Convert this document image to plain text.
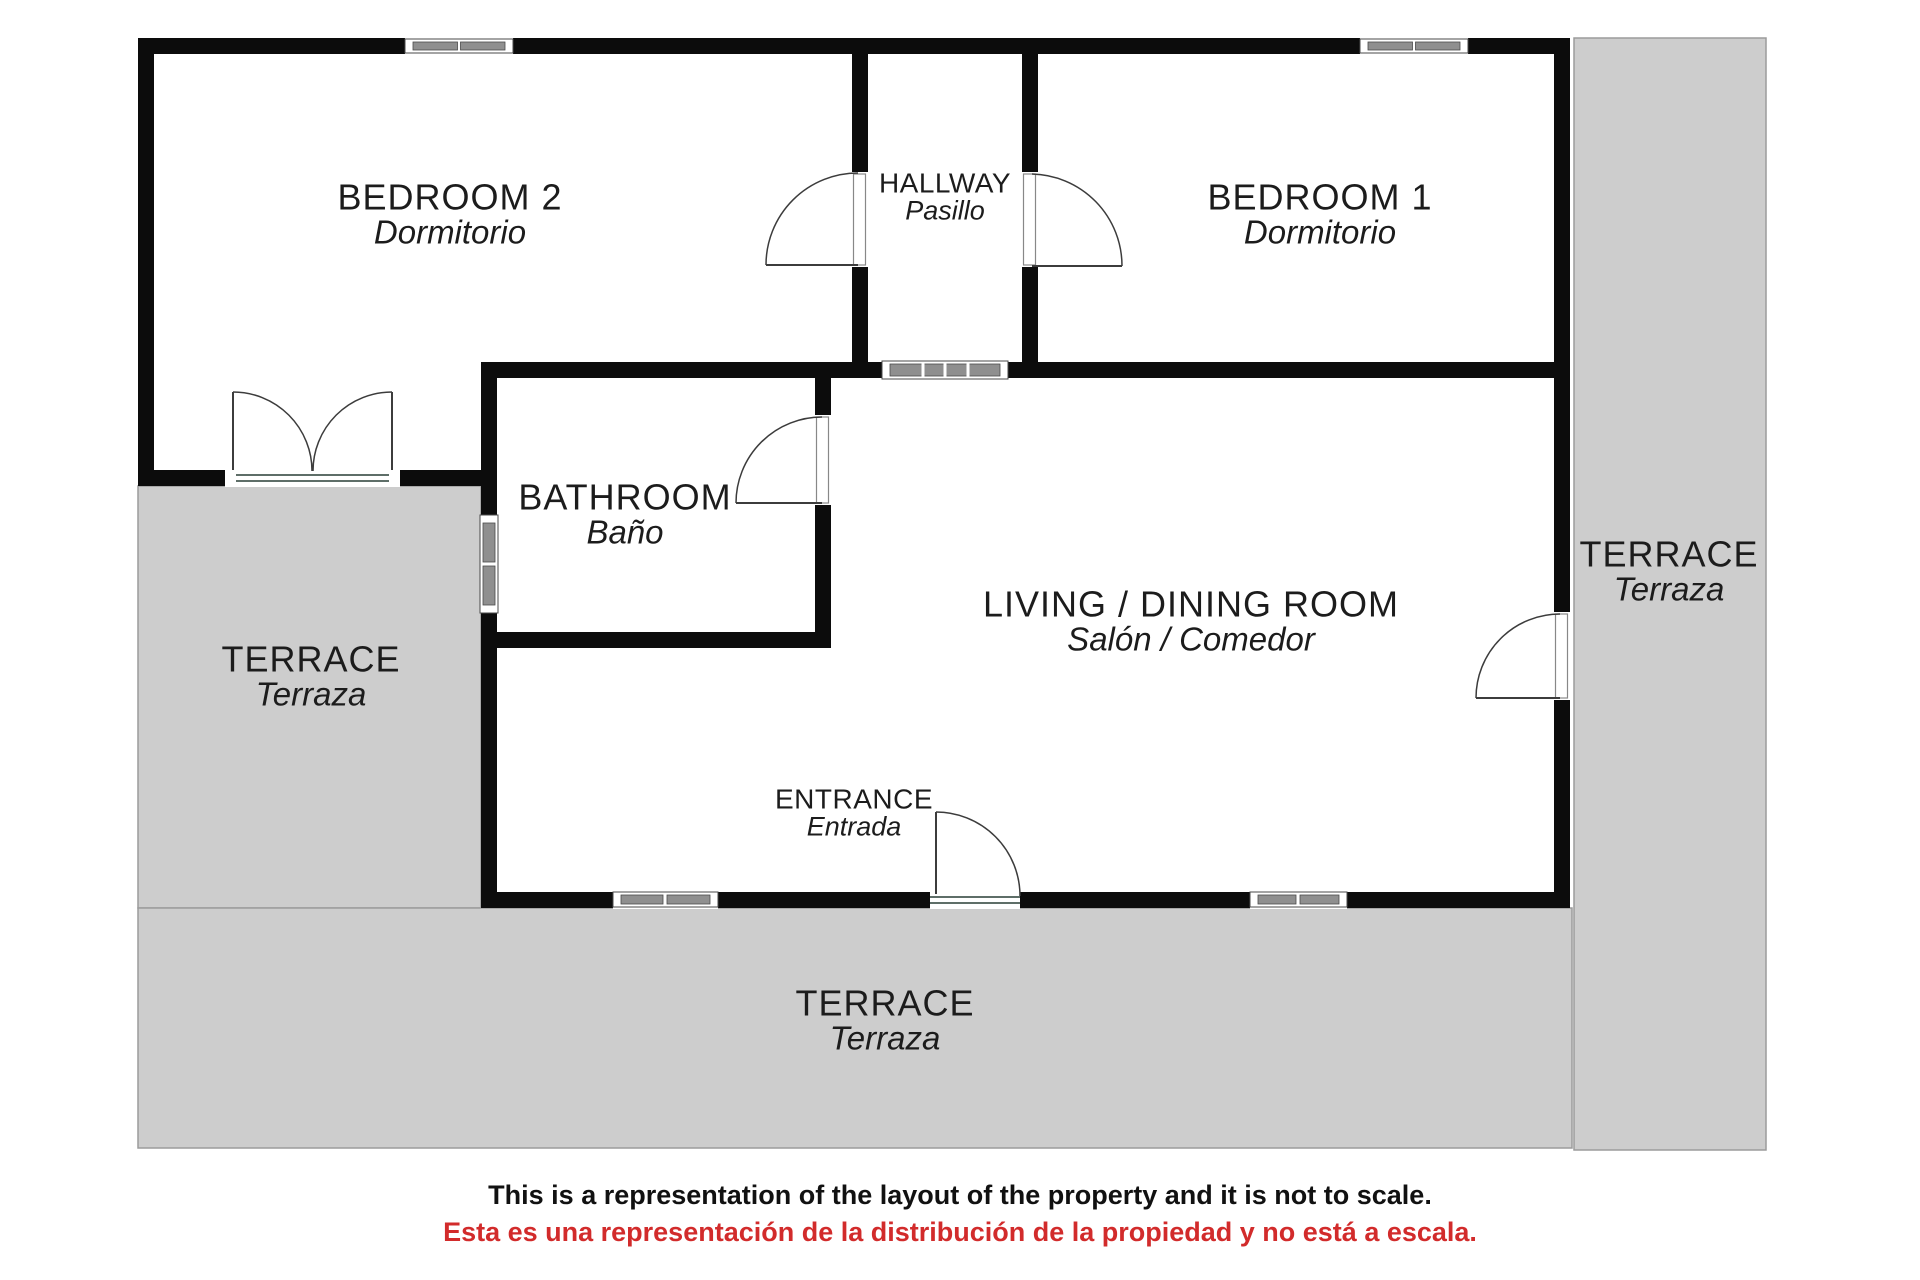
BEDROOM 2
Dormitorio
HALLWAY
Pasillo	BEDROOM 1
Dormitorio
BATHROOM
Baño
LIVING / DINING ROOM
Salón / Comedor
ENTRANCE
Entrada
TERRACE
Terraza
TERRACE
Terraza
TERRACE
Terraza
This is a representation of the layout of the property and it is not to scale.
Esta es una representación de la distribución de la propiedad y no está a escala.
